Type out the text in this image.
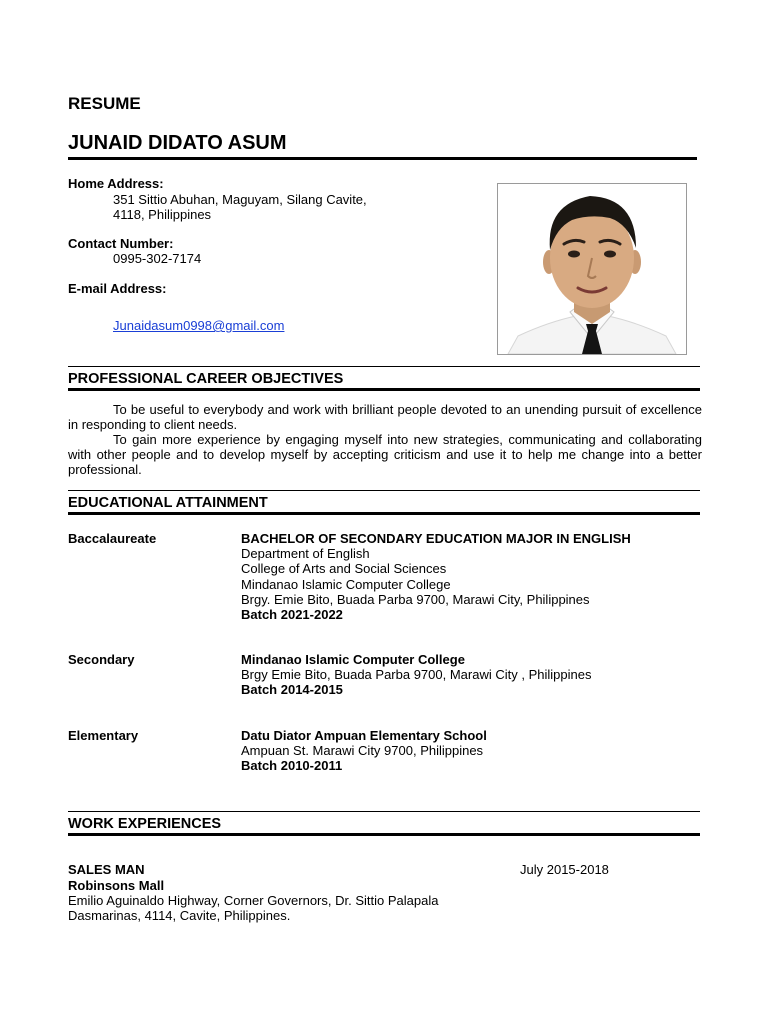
RESUME
JUNAID DIDATO ASUM
Home Address:
351 Sittio Abuhan, Maguyam, Silang Cavite,
4118, Philippines
Contact Number:
0995-302-7174
E-mail Address:
Junaidasum0998@gmail.com
PROFESSIONAL CAREER OBJECTIVES
To be useful to everybody and work with brilliant people devoted to an unending pursuit of excellence in responding to client needs.
To gain more experience by engaging myself into new strategies, communicating and collaborating with other people and to develop myself by accepting criticism and use it to help me change into a better professional.
EDUCATIONAL ATTAINMENT
Baccalaureate	BACHELOR OF SECONDARY EDUCATION MAJOR IN ENGLISH
Department of English
College of Arts and Social Sciences
Mindanao Islamic Computer College
Brgy. Emie Bito, Buada Parba 9700, Marawi City, Philippines
Batch 2021-2022
Secondary	Mindanao Islamic Computer College
Brgy Emie Bito, Buada Parba 9700, Marawi City , Philippines
Batch 2014-2015
Elementary	Datu Diator Ampuan Elementary School
Ampuan St. Marawi City 9700, Philippines
Batch 2010-2011
WORK EXPERIENCES
SALES MAN	July 2015-2018
Robinsons Mall
Emilio Aguinaldo Highway, Corner Governors, Dr. Sittio Palapala
Dasmarinas, 4114, Cavite, Philippines.
